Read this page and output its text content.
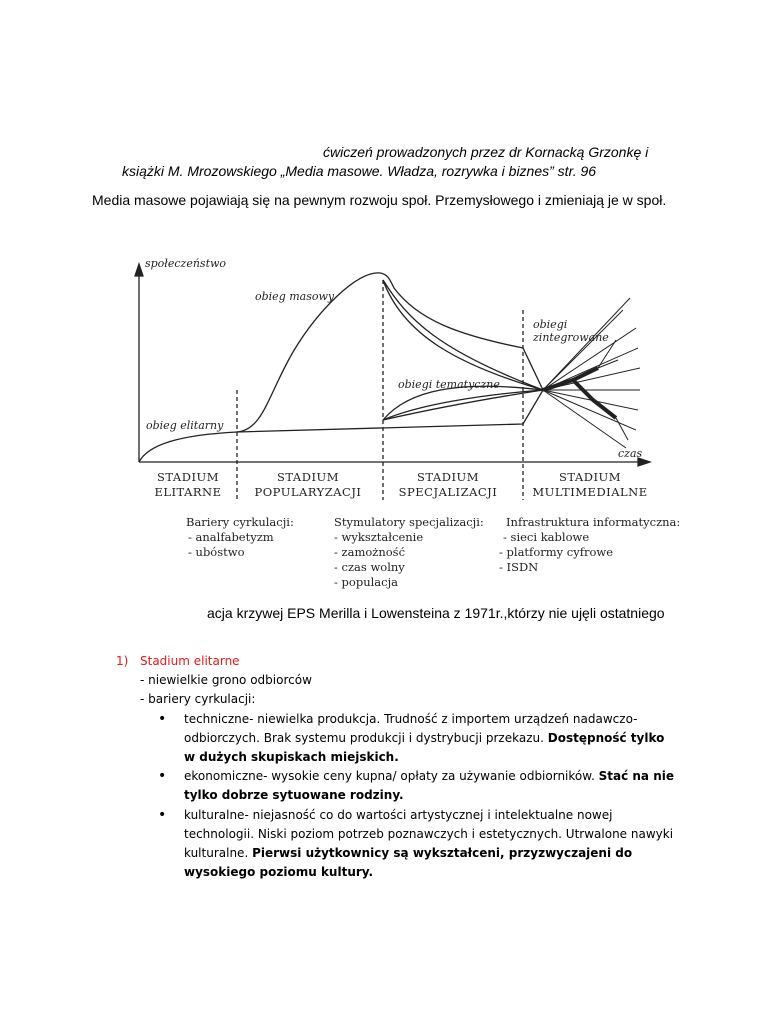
ćwiczeń prowadzonych przez dr Kornacką Grzonkę i
książki M. Mrozowskiego „Media masowe. Władza, rozrywka i biznes” str. 96
Media masowe pojawiają się na pewnym rozwoju społ. Przemysłowego i zmieniają je w społ.
społeczeństwo
czas
obieg masowy
obieg elitarny
obiegi tematyczne
obiegi
zintegrowane
STADIUM
ELITARNE
STADIUM
POPULARYZACJI
STADIUM
SPECJALIZACJI
STADIUM
MULTIMEDIALNE
Bariery cyrkulacji:
- analfabetyzm
- ubóstwo
Stymulatory specjalizacji:
- wykształcenie
- zamożność
- czas wolny
- populacja
Infrastruktura informatyczna:
- sieci kablowe
- platformy cyfrowe
- ISDN
acja krzywej EPS Merilla i Lowensteina z 1971r.,którzy nie ujęli ostatniego
1) Stadium elitarne
- niewielkie grono odbiorców
- bariery cyrkulacji:
• techniczne- niewielka produkcja. Trudność z importem urządzeń nadawczo-odbiorczych. Brak systemu produkcji i dystrybucji przekazu. Dostępność tylko w dużych skupiskach miejskich.
• ekonomiczne- wysokie ceny kupna/ opłaty za używanie odbiorników. Stać na nie tylko dobrze sytuowane rodziny.
• kulturalne- niejasność co do wartości artystycznej i intelektualne nowej technologii. Niski poziom potrzeb poznawczych i estetycznych. Utrwalone nawyki kulturalne. Pierwsi użytkownicy są wykształceni, przyzwyczajeni do wysokiego poziomu kultury.
